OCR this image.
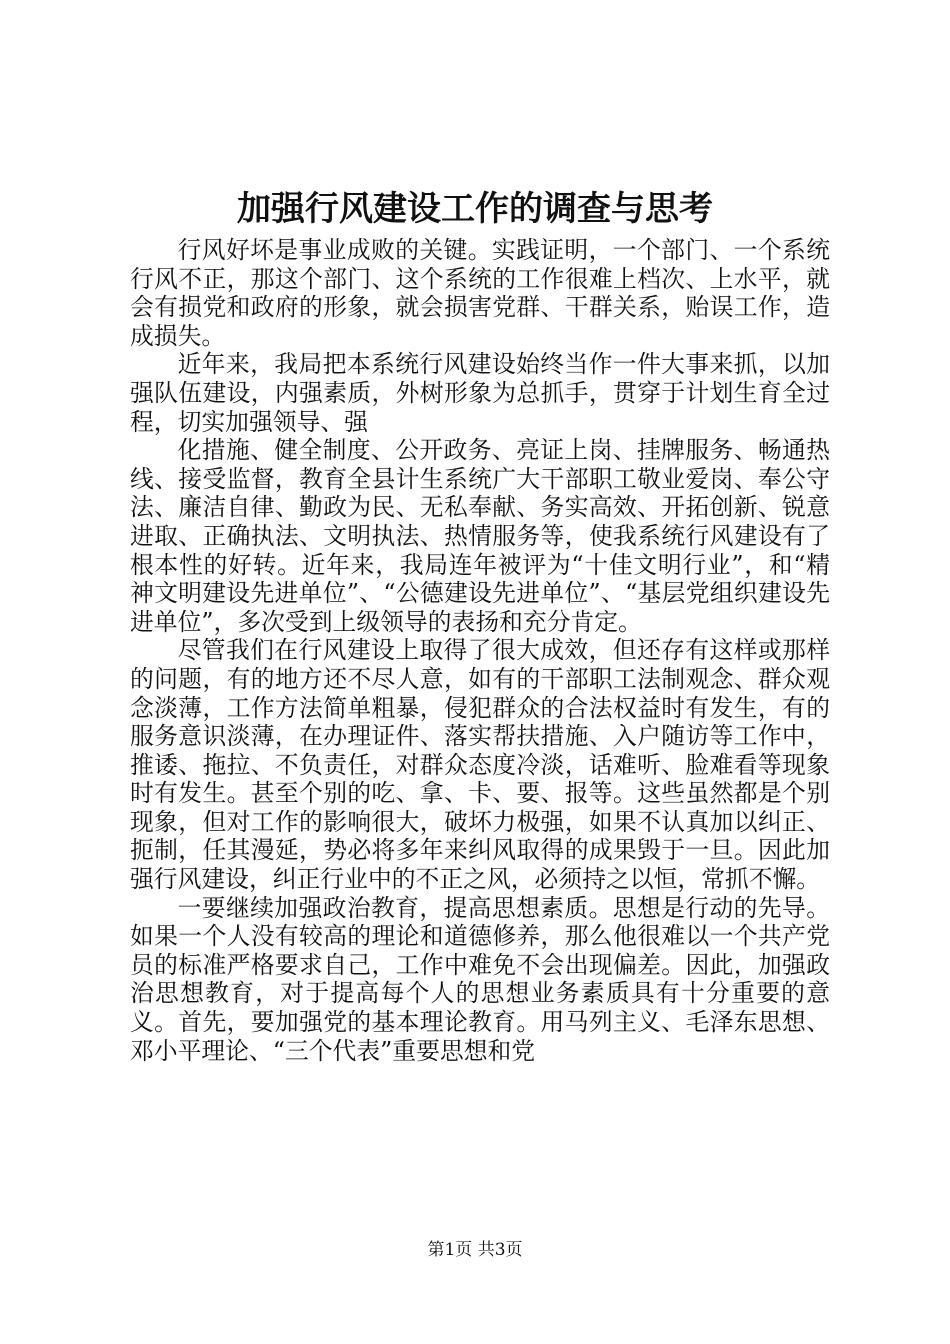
加强行风建设工作的调查与思考

行风好坏是事业成败的关键。实践证明，一个部门、一个系统行风不正，那这个部门、这个系统的工作很难上档次、上水平，就会有损党和政府的形象，就会损害党群、干群关系，贻误工作，造成损失。

近年来，我局把本系统行风建设始终当作一件大事来抓，以加强队伍建设，内强素质，外树形象为总抓手，贯穿于计划生育全过程，切实加强领导、强

化措施、健全制度、公开政务、亮证上岗、挂牌服务、畅通热线、接受监督，教育全县计生系统广大干部职工敬业爱岗、奉公守法、廉洁自律、勤政为民、无私奉献、务实高效、开拓创新、锐意进取、正确执法、文明执法、热情服务等，使我系统行风建设有了根本性的好转。近年来，我局连年被评为“十佳文明行业”，和“精神文明建设先进单位”、“公德建设先进单位”、“基层党组织建设先进单位”，多次受到上级领导的表扬和充分肯定。

尽管我们在行风建设上取得了很大成效，但还存有这样或那样的问题，有的地方还不尽人意，如有的干部职工法制观念、群众观念淡薄，工作方法简单粗暴，侵犯群众的合法权益时有发生，有的服务意识淡薄，在办理证件、落实帮扶措施、入户随访等工作中，推诿、拖拉、不负责任，对群众态度冷淡，话难听、脸难看等现象时有发生。甚至个别的吃、拿、卡、要、报等。这些虽然都是个别现象，但对工作的影响很大，破坏力极强，如果不认真加以纠正、扼制，任其漫延，势必将多年来纠风取得的成果毁于一旦。因此加强行风建设，纠正行业中的不正之风，必须持之以恒，常抓不懈。

一要继续加强政治教育，提高思想素质。思想是行动的先导。如果一个人没有较高的理论和道德修养，那么他很难以一个共产党员的标准严格要求自己，工作中难免不会出现偏差。因此，加强政治思想教育，对于提高每个人的思想业务素质具有十分重要的意义。首先，要加强党的基本理论教育。用马列主义、毛泽东思想、邓小平理论、“三个代表”重要思想和党

第1页 共3页
